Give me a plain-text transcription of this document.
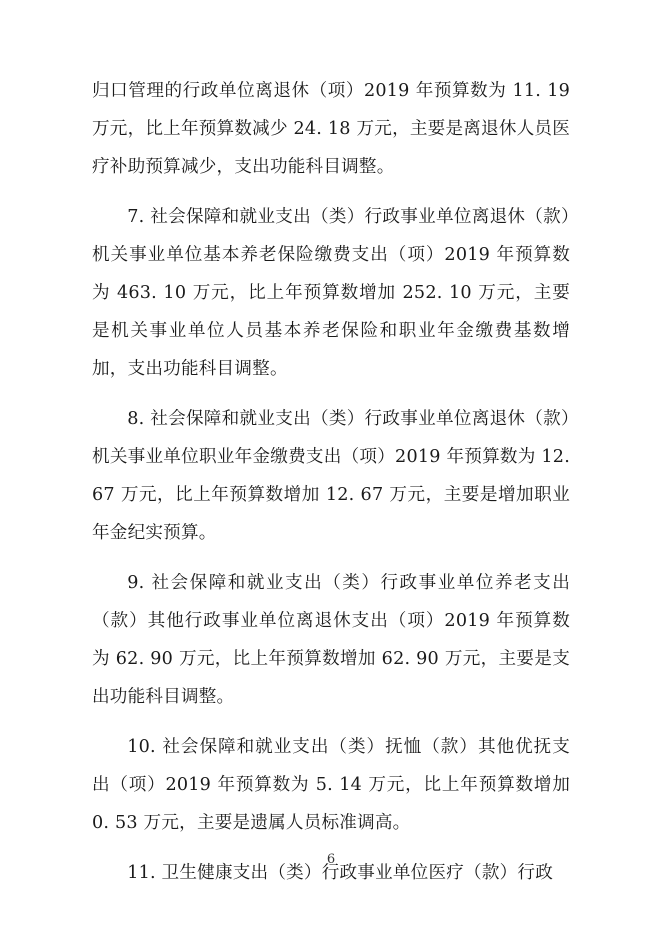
归口管理的行政单位离退休（项）2019 年预算数为 11. 19 万元，比上年预算数减少 24. 18 万元，主要是离退休人员医疗补助预算减少，支出功能科目调整。

7. 社会保障和就业支出（类）行政事业单位离退休（款）机关事业单位基本养老保险缴费支出（项）2019 年预算数为 463. 10 万元，比上年预算数增加 252. 10 万元，主要是机关事业单位人员基本养老保险和职业年金缴费基数增加，支出功能科目调整。

8. 社会保障和就业支出（类）行政事业单位离退休（款）机关事业单位职业年金缴费支出（项）2019 年预算数为 12. 67 万元，比上年预算数增加 12. 67 万元，主要是增加职业年金纪实预算。

9. 社会保障和就业支出（类）行政事业单位养老支出（款）其他行政事业单位离退休支出（项）2019 年预算数为 62. 90 万元，比上年预算数增加 62. 90 万元，主要是支出功能科目调整。

10. 社会保障和就业支出（类）抚恤（款）其他优抚支出（项）2019 年预算数为 5. 14 万元，比上年预算数增加 0. 53 万元，主要是遗属人员标准调高。

11. 卫生健康支出（类）行政事业单位医疗（款）行政

6
